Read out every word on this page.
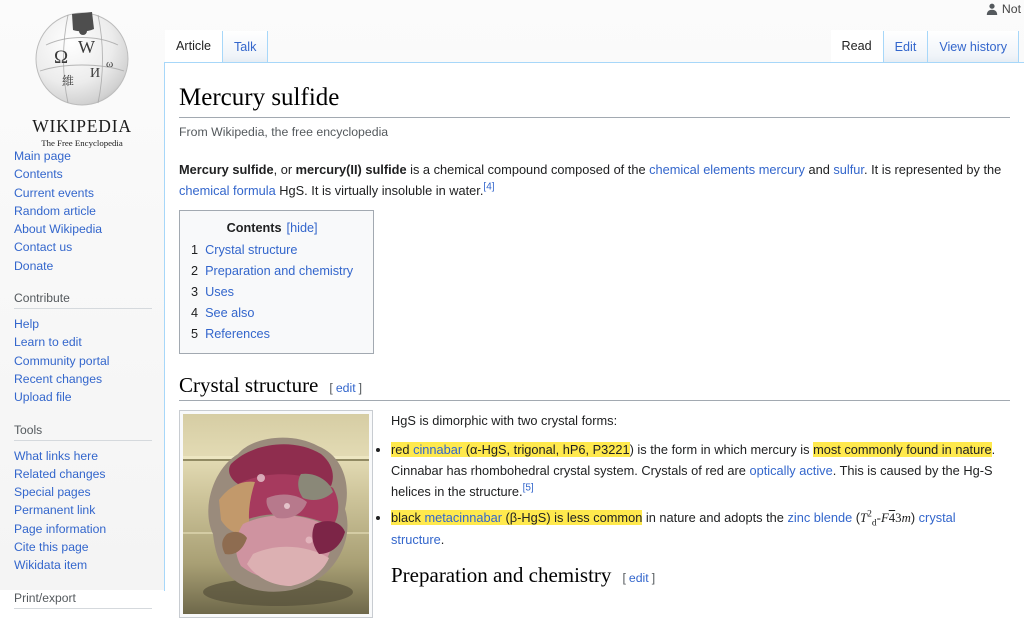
Not
Ω W
И
維
ω
WIKIPEDIA
The Free Encyclopedia
Main page
Contents
Current events
Random article
About Wikipedia
Contact us
Donate
Contribute
Help
Learn to edit
Community portal
Recent changes
Upload file
Tools
What links here
Related changes
Special pages
Permanent link
Page information
Cite this page
Wikidata item
Print/export
Article	Talk	Read	Edit	View history
Mercury sulfide
From Wikipedia, the free encyclopedia

Mercury sulfide, or mercury(II) sulfide is a chemical compound composed of the chemical elements mercury and sulfur. It is represented by the chemical formula HgS. It is virtually insoluble in water.[4]

Contents [hide]
1 Crystal structure
2 Preparation and chemistry
3 Uses
4 See also
5 References
Crystal structure [ edit ]

HgS is dimorphic with two crystal forms:

• red cinnabar (α-HgS, trigonal, hP6, P3221) is the form in which mercury is most commonly found in nature. Cinnabar has rhombohedral crystal system. Crystals of red are optically active. This is caused by the Hg-S helices in the structure.[5]
• black metacinnabar (β-HgS) is less common in nature and adopts the zinc blende $(T^2_d-F43m)$ crystal structure.
Preparation and chemistry [ edit ]
